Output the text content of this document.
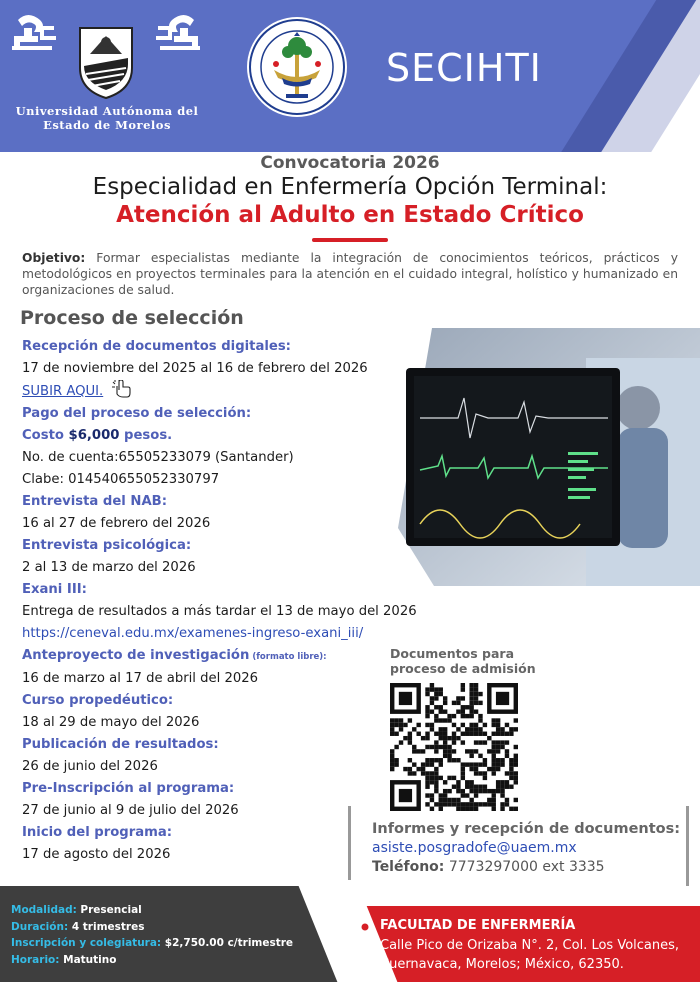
Universidad Autónoma del
Estado de Morelos
SECIHTI
Convocatoria 2026
Especialidad en Enfermería Opción Terminal:
Atención al Adulto en Estado Crítico
Objetivo: Formar especialistas mediante la integración de conocimientos teóricos, prácticos y metodológicos en proyectos terminales para la atención en el cuidado integral, holístico y humanizado en organizaciones de salud.
Proceso de selección
Recepción de documentos digitales:
17 de noviembre del 2025 al 16 de febrero del 2026
SUBIR AQUI.
Pago del proceso de selección:
Costo $6,000 pesos.
No. de cuenta:65505233079 (Santander)
Clabe: 014540655052330797
Entrevista del NAB:
16 al 27 de febrero del 2026
Entrevista psicológica:
2 al 13 de marzo del 2026
Exani III:
Entrega de resultados a más tardar el 13 de mayo del 2026
https://ceneval.edu.mx/examenes-ingreso-exani_iii/
Anteproyecto de investigación (formato libre):
16 de marzo al 17 de abril del 2026
Curso propedéutico:
18 al 29 de mayo del 2026
Publicación de resultados:
26 de junio del 2026
Pre-Inscripción al programa:
27 de junio al 9 de julio del 2026
Inicio del programa:
17 de agosto del 2026
Documentos para
proceso de admisión
Informes y recepción de documentos:
asiste.posgradofe@uaem.mx
Teléfono: 7773297000 ext 3335
Modalidad: Presencial
Duración: 4 trimestres
Inscripción y colegiatura: $2,750.00 c/trimestre
Horario: Matutino
FACULTAD DE ENFERMERÍA
Calle Pico de Orizaba N°. 2, Col. Los Volcanes,
Cuernavaca, Morelos; México, 62350.
